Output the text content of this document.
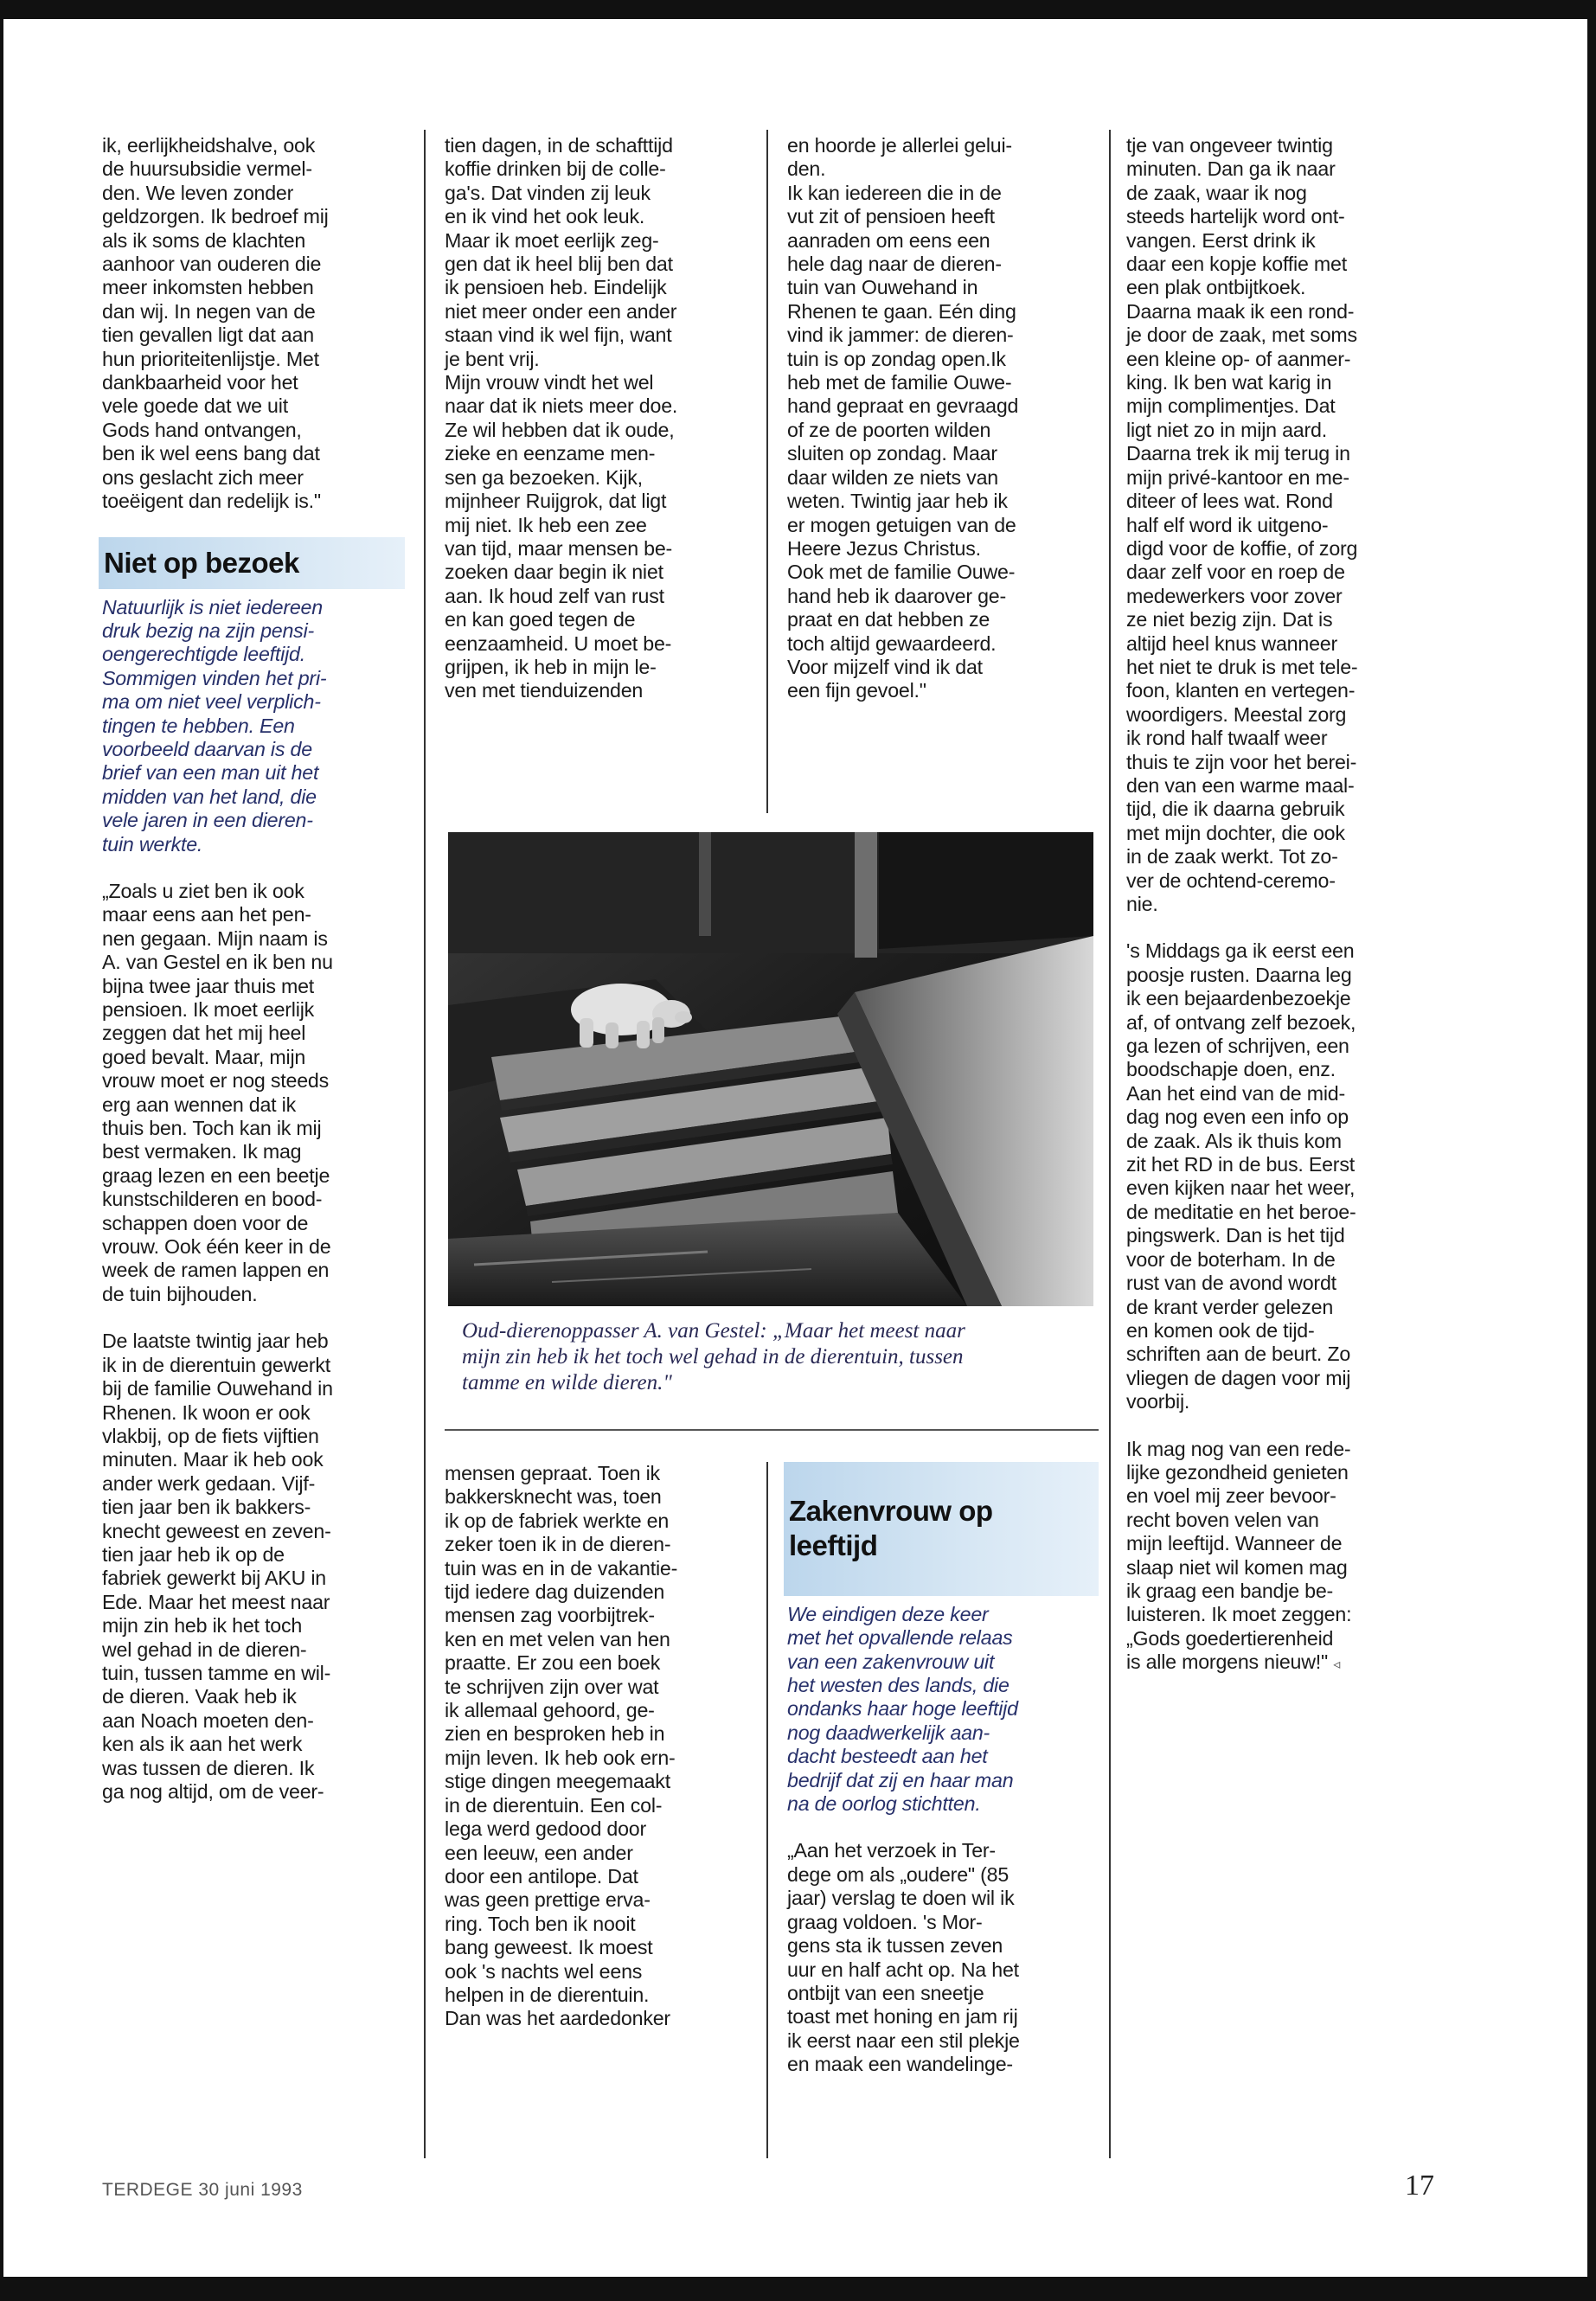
ik, eerlijkheidshalve, ook
de huursubsidie vermel-
den. We leven zonder
geldzorgen. Ik bedroef mij
als ik soms de klachten
aanhoor van ouderen die
meer inkomsten hebben
dan wij. In negen van de
tien gevallen ligt dat aan
hun prioriteitenlijstje. Met
dankbaarheid voor het
vele goede dat we uit
Gods hand ontvangen,
ben ik wel eens bang dat
ons geslacht zich meer
toeëigent dan redelijk is."

Niet op bezoek

Natuurlijk is niet iedereen
druk bezig na zijn pensi-
oengerechtigde leeftijd.
Sommigen vinden het pri-
ma om niet veel verplich-
tingen te hebben. Een
voorbeeld daarvan is de
brief van een man uit het
midden van het land, die
vele jaren in een dieren-
tuin werkte.

„Zoals u ziet ben ik ook
maar eens aan het pen-
nen gegaan. Mijn naam is
A. van Gestel en ik ben nu
bijna twee jaar thuis met
pensioen. Ik moet eerlijk
zeggen dat het mij heel
goed bevalt. Maar, mijn
vrouw moet er nog steeds
erg aan wennen dat ik
thuis ben. Toch kan ik mij
best vermaken. Ik mag
graag lezen en een beetje
kunstschilderen en bood-
schappen doen voor de
vrouw. Ook één keer in de
week de ramen lappen en
de tuin bijhouden.

De laatste twintig jaar heb
ik in de dierentuin gewerkt
bij de familie Ouwehand in
Rhenen. Ik woon er ook
vlakbij, op de fiets vijftien
minuten. Maar ik heb ook
ander werk gedaan. Vijf-
tien jaar ben ik bakkers-
knecht geweest en zeven-
tien jaar heb ik op de
fabriek gewerkt bij AKU in
Ede. Maar het meest naar
mijn zin heb ik het toch
wel gehad in de dieren-
tuin, tussen tamme en wil-
de dieren. Vaak heb ik
aan Noach moeten den-
ken als ik aan het werk
was tussen de dieren. Ik
ga nog altijd, om de veer-

tien dagen, in de schafttijd
koffie drinken bij de colle-
ga's. Dat vinden zij leuk
en ik vind het ook leuk.
Maar ik moet eerlijk zeg-
gen dat ik heel blij ben dat
ik pensioen heb. Eindelijk
niet meer onder een ander
staan vind ik wel fijn, want
je bent vrij.
Mijn vrouw vindt het wel
naar dat ik niets meer doe.
Ze wil hebben dat ik oude,
zieke en eenzame men-
sen ga bezoeken. Kijk,
mijnheer Ruijgrok, dat ligt
mij niet. Ik heb een zee
van tijd, maar mensen be-
zoeken daar begin ik niet
aan. Ik houd zelf van rust
en kan goed tegen de
eenzaamheid. U moet be-
grijpen, ik heb in mijn le-
ven met tienduizenden

en hoorde je allerlei gelui-
den.
Ik kan iedereen die in de
vut zit of pensioen heeft
aanraden om eens een
hele dag naar de dieren-
tuin van Ouwehand in
Rhenen te gaan. Eén ding
vind ik jammer: de dieren-
tuin is op zondag open.Ik
heb met de familie Ouwe-
hand gepraat en gevraagd
of ze de poorten wilden
sluiten op zondag. Maar
daar wilden ze niets van
weten. Twintig jaar heb ik
er mogen getuigen van de
Heere Jezus Christus.
Ook met de familie Ouwe-
hand heb ik daarover ge-
praat en dat hebben ze
toch altijd gewaardeerd.
Voor mijzelf vind ik dat
een fijn gevoel."

Oud-dierenoppasser A. van Gestel: „Maar het meest naar
mijn zin heb ik het toch wel gehad in de dierentuin, tussen
tamme en wilde dieren."

mensen gepraat. Toen ik
bakkersknecht was, toen
ik op de fabriek werkte en
zeker toen ik in de dieren-
tuin was en in de vakantie-
tijd iedere dag duizenden
mensen zag voorbijtrek-
ken en met velen van hen
praatte. Er zou een boek
te schrijven zijn over wat
ik allemaal gehoord, ge-
zien en besproken heb in
mijn leven. Ik heb ook ern-
stige dingen meegemaakt
in de dierentuin. Een col-
lega werd gedood door
een leeuw, een ander
door een antilope. Dat
was geen prettige erva-
ring. Toch ben ik nooit
bang geweest. Ik moest
ook 's nachts wel eens
helpen in de dierentuin.
Dan was het aardedonker

Zakenvrouw op
leeftijd

We eindigen deze keer
met het opvallende relaas
van een zakenvrouw uit
het westen des lands, die
ondanks haar hoge leeftijd
nog daadwerkelijk aan-
dacht besteedt aan het
bedrijf dat zij en haar man
na de oorlog stichtten.

„Aan het verzoek in Ter-
dege om als „oudere" (85
jaar) verslag te doen wil ik
graag voldoen. 's Mor-
gens sta ik tussen zeven
uur en half acht op. Na het
ontbijt van een sneetje
toast met honing en jam rij
ik eerst naar een stil plekje
en maak een wandelinge-

tje van ongeveer twintig
minuten. Dan ga ik naar
de zaak, waar ik nog
steeds hartelijk word ont-
vangen. Eerst drink ik
daar een kopje koffie met
een plak ontbijtkoek.
Daarna maak ik een rond-
je door de zaak, met soms
een kleine op- of aanmer-
king. Ik ben wat karig in
mijn complimentjes. Dat
ligt niet zo in mijn aard.
Daarna trek ik mij terug in
mijn privé-kantoor en me-
diteer of lees wat. Rond
half elf word ik uitgeno-
digd voor de koffie, of zorg
daar zelf voor en roep de
medewerkers voor zover
ze niet bezig zijn. Dat is
altijd heel knus wanneer
het niet te druk is met tele-
foon, klanten en vertegen-
woordigers. Meestal zorg
ik rond half twaalf weer
thuis te zijn voor het berei-
den van een warme maal-
tijd, die ik daarna gebruik
met mijn dochter, die ook
in de zaak werkt. Tot zo-
ver de ochtend-ceremo-
nie.

's Middags ga ik eerst een
poosje rusten. Daarna leg
ik een bejaardenbezoekje
af, of ontvang zelf bezoek,
ga lezen of schrijven, een
boodschapje doen, enz.
Aan het eind van de mid-
dag nog even een info op
de zaak. Als ik thuis kom
zit het RD in de bus. Eerst
even kijken naar het weer,
de meditatie en het beroe-
pingswerk. Dan is het tijd
voor de boterham. In de
rust van de avond wordt
de krant verder gelezen
en komen ook de tijd-
schriften aan de beurt. Zo
vliegen de dagen voor mij
voorbij.

Ik mag nog van een rede-
lijke gezondheid genieten
en voel mij zeer bevoor-
recht boven velen van
mijn leeftijd. Wanneer de
slaap niet wil komen mag
ik graag een bandje be-
luisteren. Ik moet zeggen:
„Gods goedertierenheid
is alle morgens nieuw!" ◃

TERDEGE 30 juni 1993	17
